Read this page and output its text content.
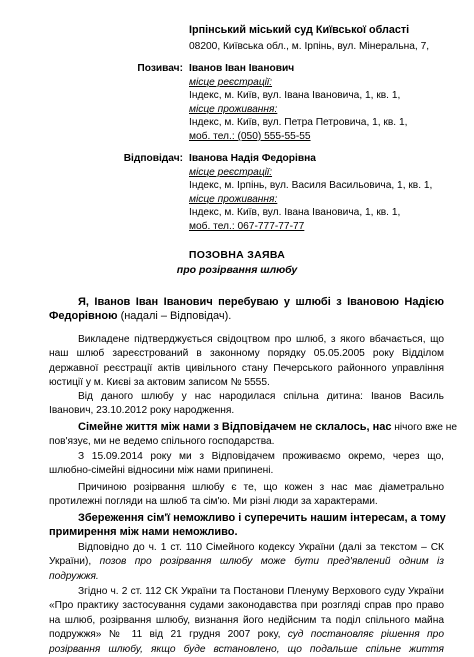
Ірпінський міський суд Київської області
08200, Київська обл., м. Ірпінь, вул. Мінеральна, 7,
Позивач: Іванов Іван Іванович
місце реєстрації:
Індекс, м. Київ, вул. Івана Івановича, 1, кв. 1,
місце проживання:
Індекс, м. Київ, вул. Петра Петровича, 1, кв. 1,
моб. тел.: (050) 555-55-55
Відповідач: Іванова Надія Федорівна
місце реєстрації:
Індекс, м. Ірпінь, вул. Василя Васильовича, 1, кв. 1,
місце проживання:
Індекс, м. Київ, вул. Івана Івановича, 1, кв. 1,
моб. тел.: 067-777-77-77
ПОЗОВНА ЗАЯВА
про розірвання шлюбу
Я, Іванов Іван Іванович перебуваю у шлюбі з Івановою Надією
Федорівною (надалі – Відповідач).
Викладене підтверджується свідоцтвом про шлюб, з якого вбачається, що
наш шлюб зареєстрований в законному порядку 05.05.2005 року Відділом
державної реєстрації актів цивільного стану Печерського районного управління
юстиції у м. Києві за актовим записом № 5555.
Від даного шлюбу у нас народилася спільна дитина: Іванов Василь
Іванович, 23.10.2012 року народження.
Сімейне життя між нами з Відповідачем не склалось, нас нічого вже не
пов'язує, ми не ведемо спільного господарства.
З 15.09.2014 року ми з Відповідачем проживаємо окремо, через що,
шлюбно-сімейні відносини між нами припинені.
Причиною розірвання шлюбу є те, що кожен з нас має діаметрально
протилежні погляди на шлюб та сім'ю. Ми різні люди за характерами.
Збереження сім'ї неможливо і суперечить нашим інтересам, а тому
примирення між нами неможливо.
Відповідно до ч. 1 ст. 110 Сімейного кодексу України (далі за текстом – СК
України), позов про розірвання шлюбу може бути пред'явлений одним із
подружжя.
Згідно ч. 2 ст. 112 СК України та Постанови Пленуму Верхового суду України
«Про практику застосування судами законодавства при розгляді справ про право
на шлюб, розірвання шлюбу, визнання його недійсним та поділ спільного майна
подружжя» № 11 від 21 грудня 2007 року, суд постановляє рішення про
розірвання шлюбу, якщо буде встановлено, що подальше спільне життя
